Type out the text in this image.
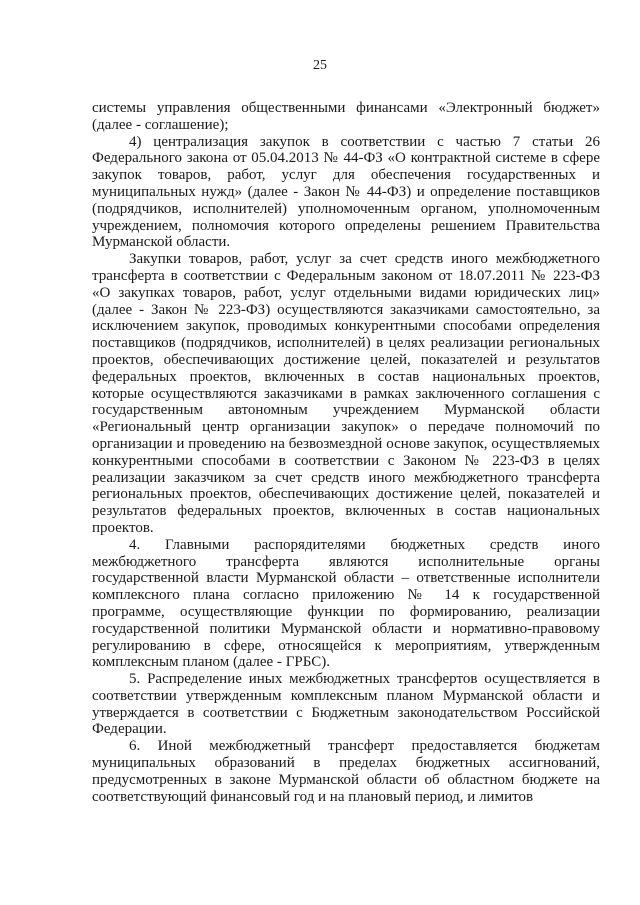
25

системы управления общественными финансами «Электронный бюджет» (далее - соглашение);

4) централизация закупок в соответствии с частью 7 статьи 26 Федерального закона от 05.04.2013 № 44-ФЗ «О контрактной системе в сфере закупок товаров, работ, услуг для обеспечения государственных и муниципальных нужд» (далее - Закон № 44-ФЗ) и определение поставщиков (подрядчиков, исполнителей) уполномоченным органом, уполномоченным учреждением, полномочия которого определены решением Правительства Мурманской области.

Закупки товаров, работ, услуг за счет средств иного межбюджетного трансферта в соответствии с Федеральным законом от 18.07.2011 № 223-ФЗ «О закупках товаров, работ, услуг отдельными видами юридических лиц» (далее - Закон № 223-ФЗ) осуществляются заказчиками самостоятельно, за исключением закупок, проводимых конкурентными способами определения поставщиков (подрядчиков, исполнителей) в целях реализации региональных проектов, обеспечивающих достижение целей, показателей и результатов федеральных проектов, включенных в состав национальных проектов, которые осуществляются заказчиками в рамках заключенного соглашения с государственным автономным учреждением Мурманской области «Региональный центр организации закупок» о передаче полномочий по организации и проведению на безвозмездной основе закупок, осуществляемых конкурентными способами в соответствии с Законом № 223-ФЗ в целях реализации заказчиком за счет средств иного межбюджетного трансферта региональных проектов, обеспечивающих достижение целей, показателей и результатов федеральных проектов, включенных в состав национальных проектов.

4. Главными распорядителями бюджетных средств иного межбюджетного трансферта являются исполнительные органы государственной власти Мурманской области – ответственные исполнители комплексного плана согласно приложению № 14 к государственной программе, осуществляющие функции по формированию, реализации государственной политики Мурманской области и нормативно-правовому регулированию в сфере, относящейся к мероприятиям, утвержденным комплексным планом (далее - ГРБС).

5. Распределение иных межбюджетных трансфертов осуществляется в соответствии утвержденным комплексным планом Мурманской области и утверждается в соответствии с Бюджетным законодательством Российской Федерации.

6. Иной межбюджетный трансферт предоставляется бюджетам муниципальных образований в пределах бюджетных ассигнований, предусмотренных в законе Мурманской области об областном бюджете на соответствующий финансовый год и на плановый период, и лимитов
